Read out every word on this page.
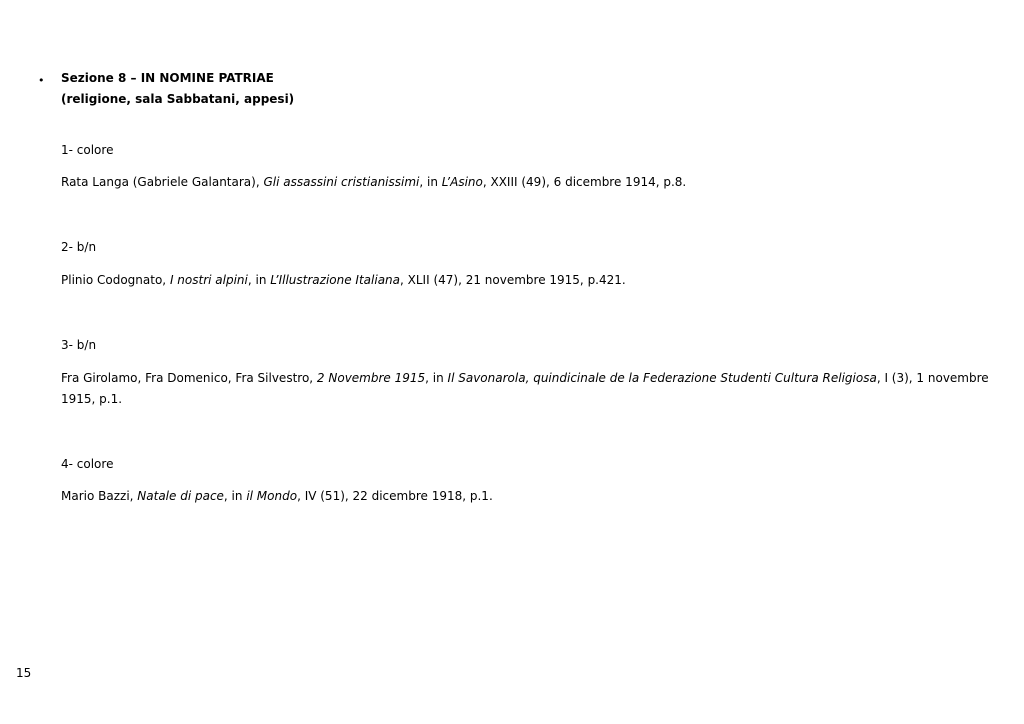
• Sezione 8 – IN NOMINE PATRIAE
(religione, sala Sabbatani, appesi)
1- colore
Rata Langa (Gabriele Galantara), Gli assassini cristianissimi, in L’Asino, XXIII (49), 6 dicembre 1914, p.8.
2- b/n
Plinio Codognato, I nostri alpini, in L’Illustrazione Italiana, XLII (47), 21 novembre 1915, p.421.
3- b/n
Fra Girolamo, Fra Domenico, Fra Silvestro, 2 Novembre 1915, in Il Savonarola, quindicinale de la Federazione Studenti Cultura Religiosa, I (3), 1 novembre 1915, p.1.
4- colore
Mario Bazzi, Natale di pace, in il Mondo, IV (51), 22 dicembre 1918, p.1.
15
